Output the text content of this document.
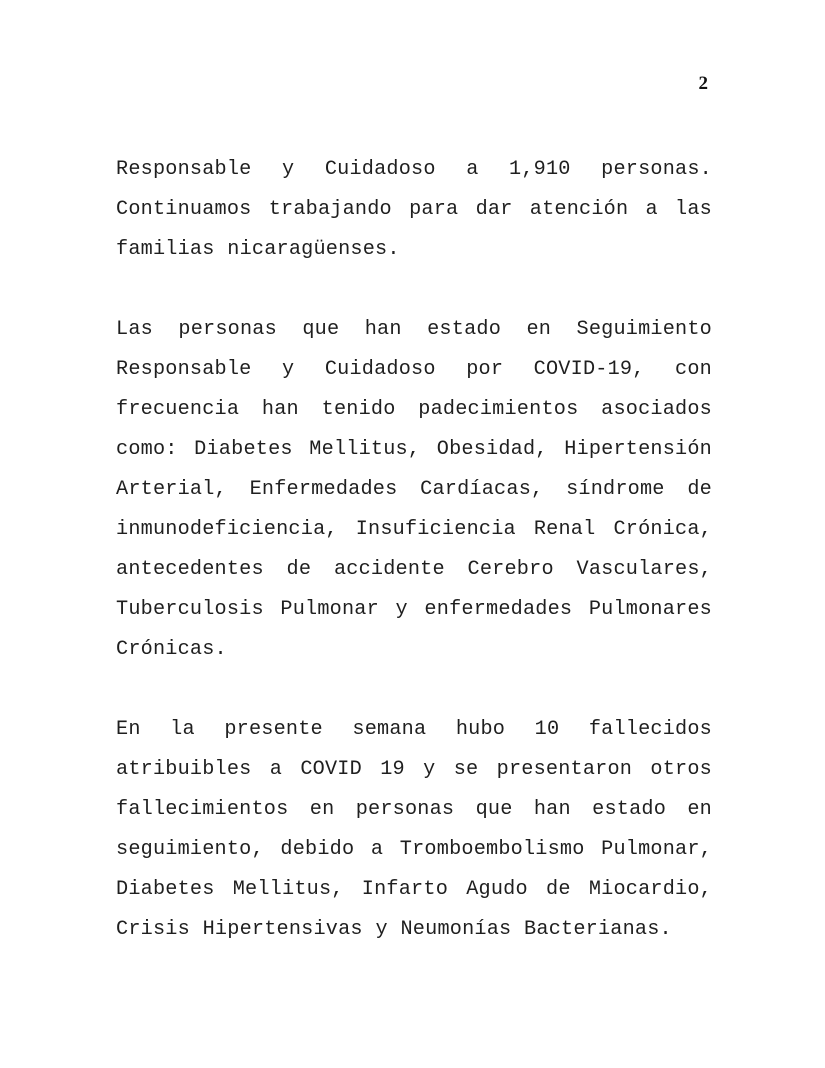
2

Responsable y Cuidadoso a 1,910 personas. Continuamos trabajando para dar atención a las familias nicaragüenses.

Las personas que han estado en Seguimiento Responsable y Cuidadoso por COVID-19, con frecuencia han tenido padecimientos asociados como: Diabetes Mellitus, Obesidad, Hipertensión Arterial, Enfermedades Cardíacas, síndrome de inmunodeficiencia, Insuficiencia Renal Crónica, antecedentes de accidente Cerebro Vasculares, Tuberculosis Pulmonar y enfermedades Pulmonares Crónicas.

En la presente semana hubo 10 fallecidos atribuibles a COVID 19 y se presentaron otros fallecimientos en personas que han estado en seguimiento, debido a Tromboembolismo Pulmonar, Diabetes Mellitus, Infarto Agudo de Miocardio, Crisis Hipertensivas y Neumonías Bacterianas.
